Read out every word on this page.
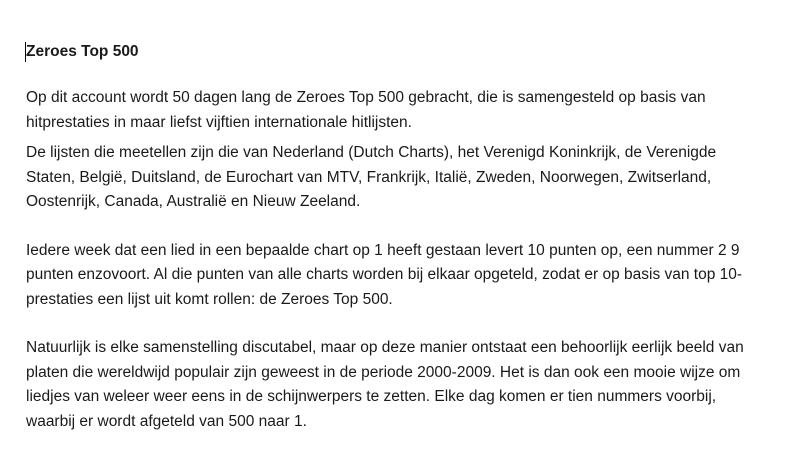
Zeroes Top 500

Op dit account wordt 50 dagen lang de Zeroes Top 500 gebracht, die is samengesteld op basis van hitprestaties in maar liefst vijftien internationale hitlijsten.

De lijsten die meetellen zijn die van Nederland (Dutch Charts), het Verenigd Koninkrijk, de Verenigde Staten, België, Duitsland, de Eurochart van MTV, Frankrijk, Italië, Zweden, Noorwegen, Zwitserland, Oostenrijk, Canada, Australië en Nieuw Zeeland.

Iedere week dat een lied in een bepaalde chart op 1 heeft gestaan levert 10 punten op, een nummer 2 9 punten enzovoort. Al die punten van alle charts worden bij elkaar opgeteld, zodat er op basis van top 10-prestaties een lijst uit komt rollen: de Zeroes Top 500.

Natuurlijk is elke samenstelling discutabel, maar op deze manier ontstaat een behoorlijk eerlijk beeld van platen die wereldwijd populair zijn geweest in de periode 2000-2009. Het is dan ook een mooie wijze om liedjes van weleer weer eens in de schijnwerpers te zetten. Elke dag komen er tien nummers voorbij, waarbij er wordt afgeteld van 500 naar 1.
